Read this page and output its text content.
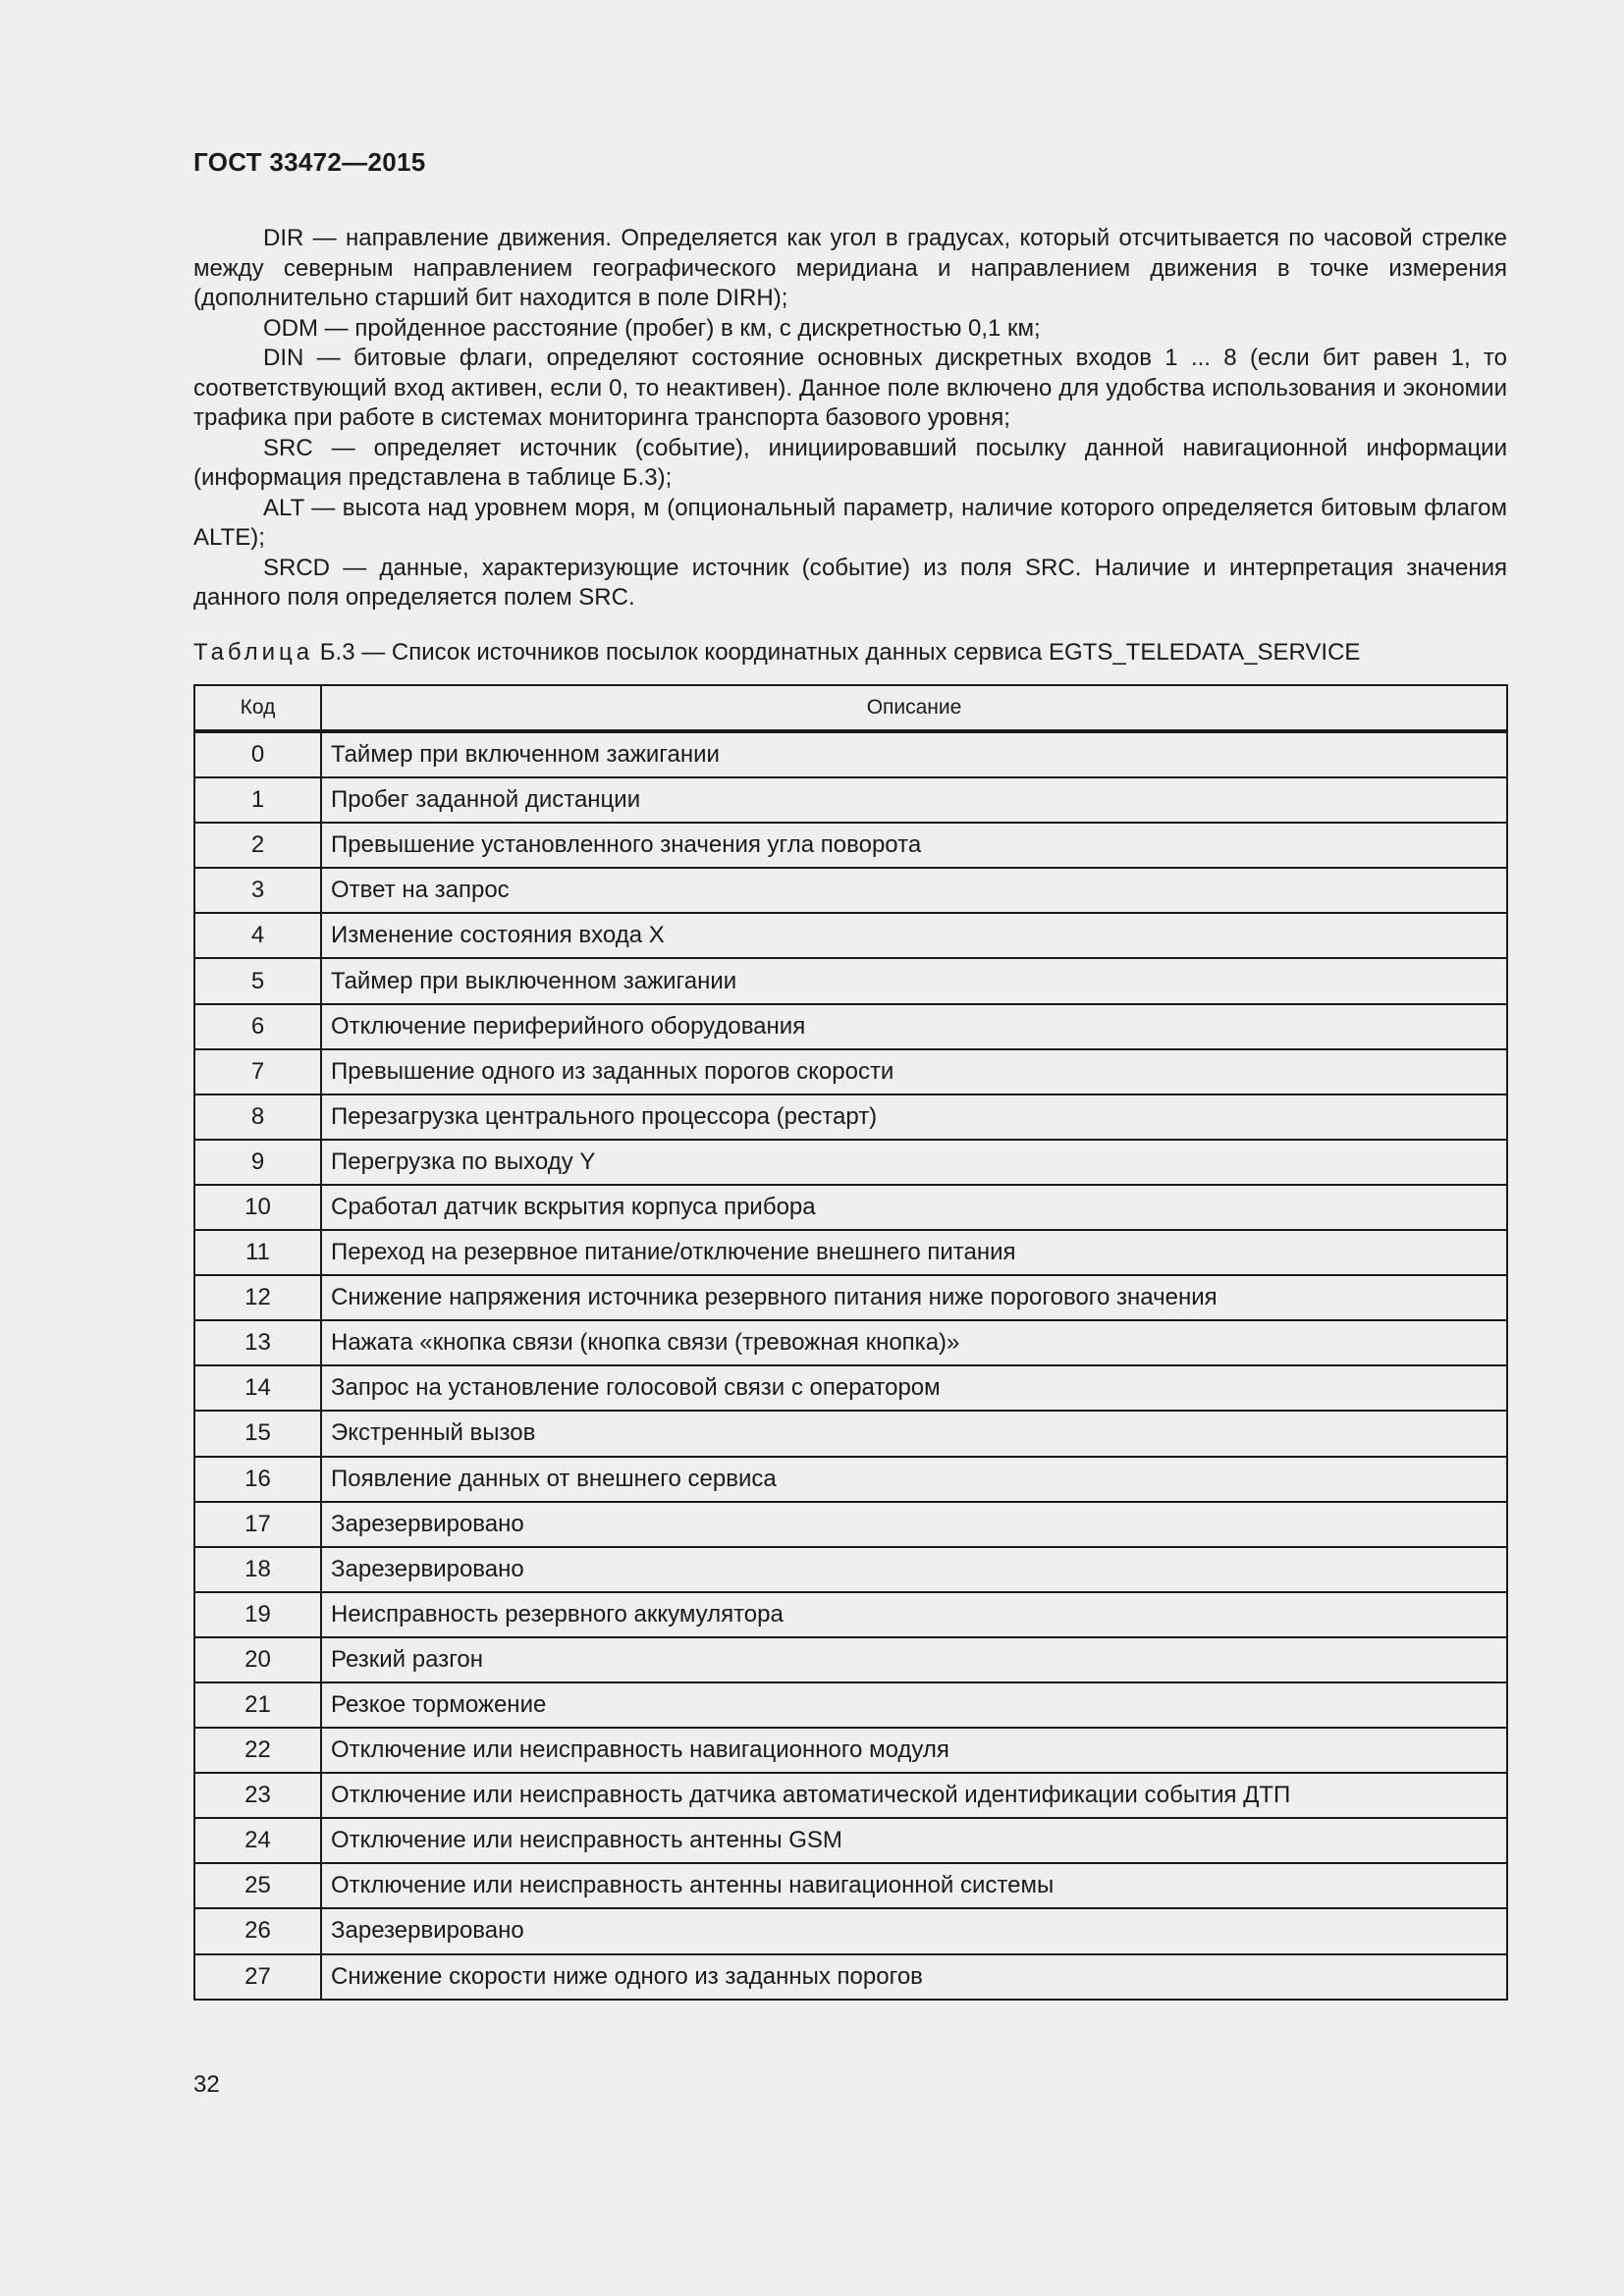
ГОСТ 33472—2015

DIR — направление движения. Определяется как угол в градусах, который отсчитывается по часовой стрелке между северным направлением географического меридиана и направлением движения в точке измерения (дополнительно старший бит находится в поле DIRH);

ODM — пройденное расстояние (пробег) в км, с дискретностью 0,1 км;

DIN — битовые флаги, определяют состояние основных дискретных входов 1 ... 8 (если бит равен 1, то соответствующий вход активен, если 0, то неактивен). Данное поле включено для удобства использования и экономии трафика при работе в системах мониторинга транспорта базового уровня;

SRC — определяет источник (событие), инициировавший посылку данной навигационной информации (информация представлена в таблице Б.3);

ALT — высота над уровнем моря, м (опциональный параметр, наличие которого определяется битовым флагом ALTE);

SRCD — данные, характеризующие источник (событие) из поля SRC. Наличие и интерпретация значения данного поля определяется полем SRC.

Таблица Б.3 — Список источников посылок координатных данных сервиса EGTS_TELEDATA_SERVICE
Код	Описание
0	Таймер при включенном зажигании
1	Пробег заданной дистанции
2	Превышение установленного значения угла поворота
3	Ответ на запрос
4	Изменение состояния входа X
5	Таймер при выключенном зажигании
6	Отключение периферийного оборудования
7	Превышение одного из заданных порогов скорости
8	Перезагрузка центрального процессора (рестарт)
9	Перегрузка по выходу Y
10	Сработал датчик вскрытия корпуса прибора
11	Переход на резервное питание/отключение внешнего питания
12	Снижение напряжения источника резервного питания ниже порогового значения
13	Нажата «кнопка связи (кнопка связи (тревожная кнопка)»
14	Запрос на установление голосовой связи с оператором
15	Экстренный вызов
16	Появление данных от внешнего сервиса
17	Зарезервировано
18	Зарезервировано
19	Неисправность резервного аккумулятора
20	Резкий разгон
21	Резкое торможение
22	Отключение или неисправность навигационного модуля
23	Отключение или неисправность датчика автоматической идентификации события ДТП
24	Отключение или неисправность антенны GSM
25	Отключение или неисправность антенны навигационной системы
26	Зарезервировано
27	Снижение скорости ниже одного из заданных порогов
32
